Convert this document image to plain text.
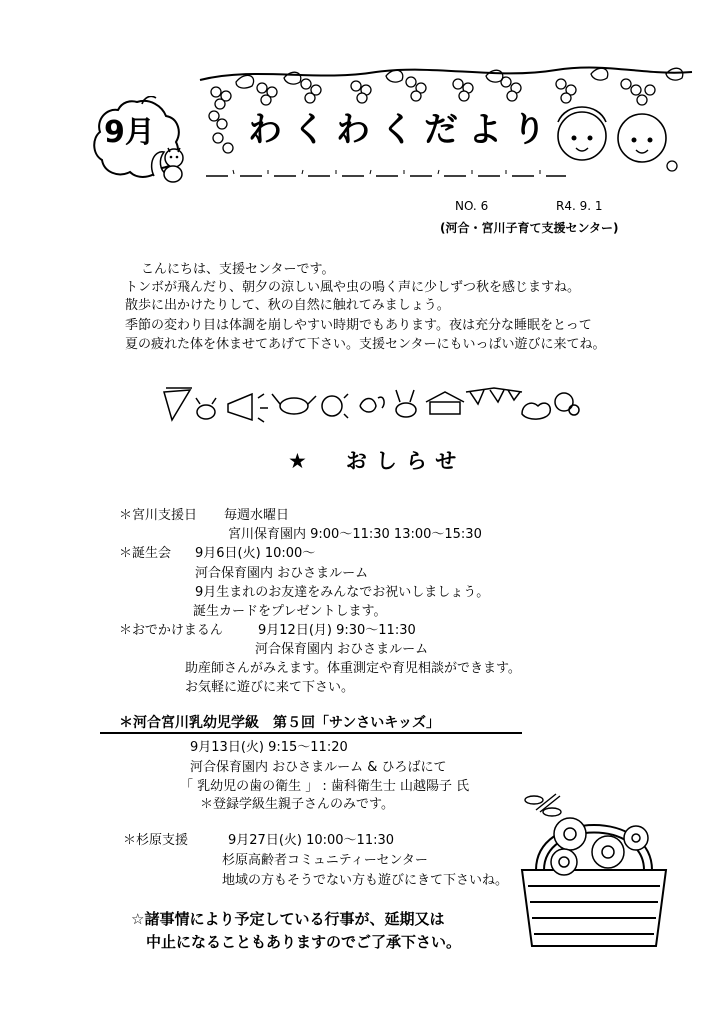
9月	わくわくだより
NO. 6	R4. 9. 1
(河合・宮川子育て支援センター)

こんにちは、支援センターです。

トンボが飛んだり、朝夕の涼しい風や虫の鳴く声に少しずつ秋を感じますね。

散歩に出かけたりして、秋の自然に触れてみましょう。

季節の変わり目は体調を崩しやすい時期でもあります。夜は充分な睡眠をとって

夏の疲れた体を休ませてあげて下さい。支援センターにもいっぱい遊びに来てね。

★　おしらせ
＊宮川支援日 毎週水曜日
宮川保育園内 9:00～11:30 13:00～15:30
＊誕生会 9月6日(火) 10:00～
河合保育園内 おひさまルーム
9月生まれのお友達をみんなでお祝いしましょう。
誕生カードをプレゼントします。
＊おでかけまるん	9月12日(月) 9:30～11:30
河合保育園内 おひさまルーム
助産師さんがみえます。体重測定や育児相談ができます。
お気軽に遊びに来て下さい。
＊河合宮川乳幼児学級　第５回「サンさいキッズ」
9月13日(火) 9:15～11:20
河合保育園内 おひさまルーム & ひろばにて
「 乳幼児の歯の衛生 」 : 歯科衛生士 山越陽子 氏
＊登録学級生親子さんのみです。
＊杉原支援	9月27日(火) 10:00～11:30
杉原高齢者コミュニティーセンター
地域の方もそうでない方も遊びにきて下さいね。
☆諸事情により予定している行事が、延期又は
中止になることもありますのでご了承下さい。
